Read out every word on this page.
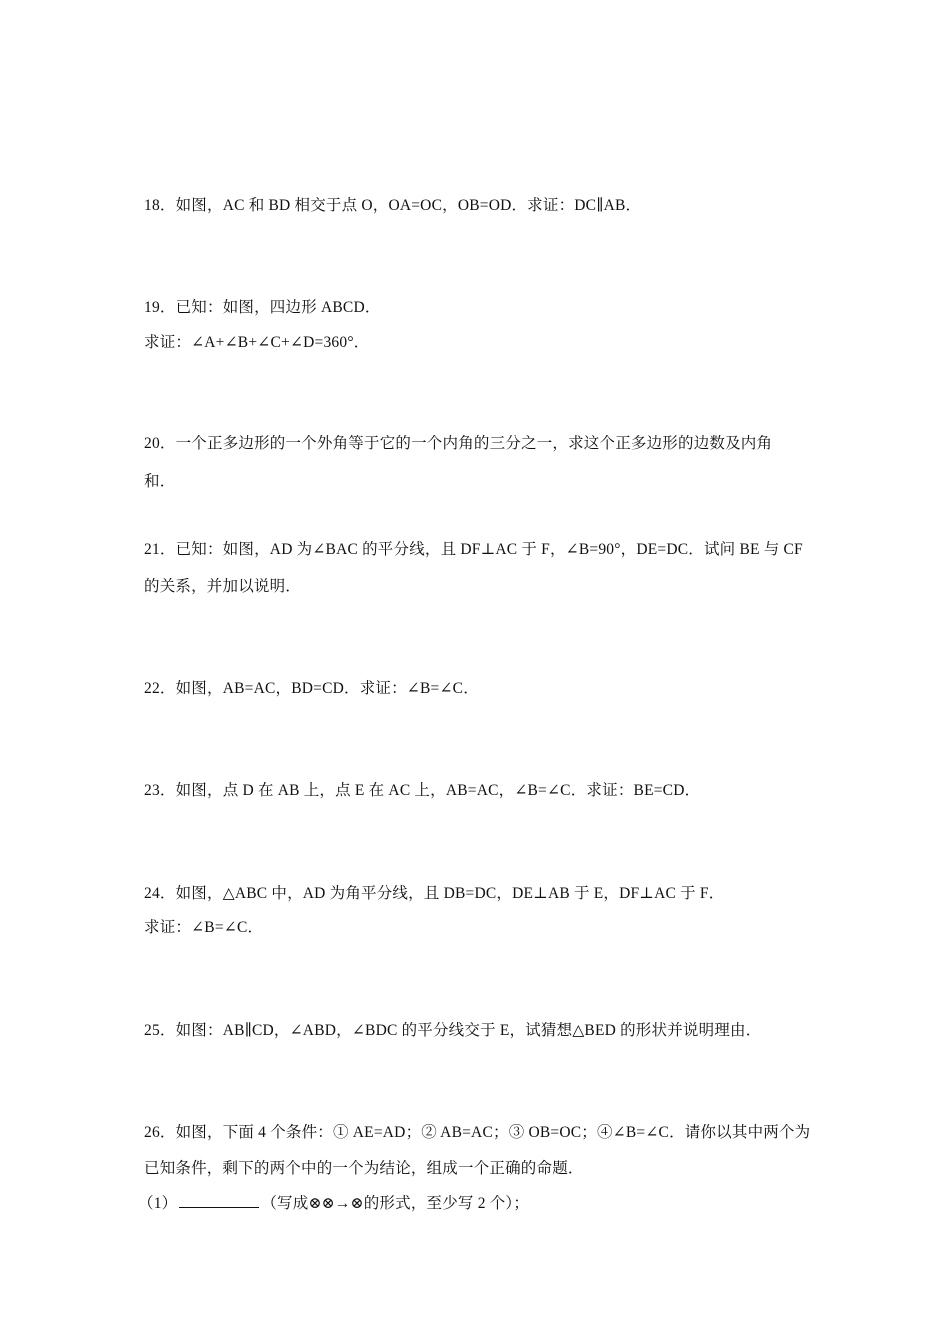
18．如图，AC 和 BD 相交于点 O，OA=OC，OB=OD．求证：DC∥AB．
19．已知：如图，四边形 ABCD．
求证：∠A+∠B+∠C+∠D=360°．
20．一个正多边形的一个外角等于它的一个内角的三分之一，求这个正多边形的边数及内角
和．
21．已知：如图，AD 为∠BAC 的平分线，且 DF⊥AC 于 F，∠B=90°，DE=DC．试问 BE 与 CF
的关系，并加以说明．
22．如图，AB=AC，BD=CD．求证：∠B=∠C．
23．如图，点 D 在 AB 上，点 E 在 AC 上，AB=AC，∠B=∠C．求证：BE=CD．
24．如图，△ABC 中，AD 为角平分线，且 DB=DC，DE⊥AB 于 E，DF⊥AC 于 F．
求证：∠B=∠C．
25．如图：AB∥CD，∠ABD，∠BDC 的平分线交于 E，试猜想△BED 的形状并说明理由．
26．如图，下面 4 个条件：① AE=AD；② AB=AC；③ OB=OC；④∠B=∠C．请你以其中两个为
已知条件，剩下的两个中的一个为结论，组成一个正确的命题．
（1）	（写成⊗⊗→⊗的形式，至少写 2 个）；
